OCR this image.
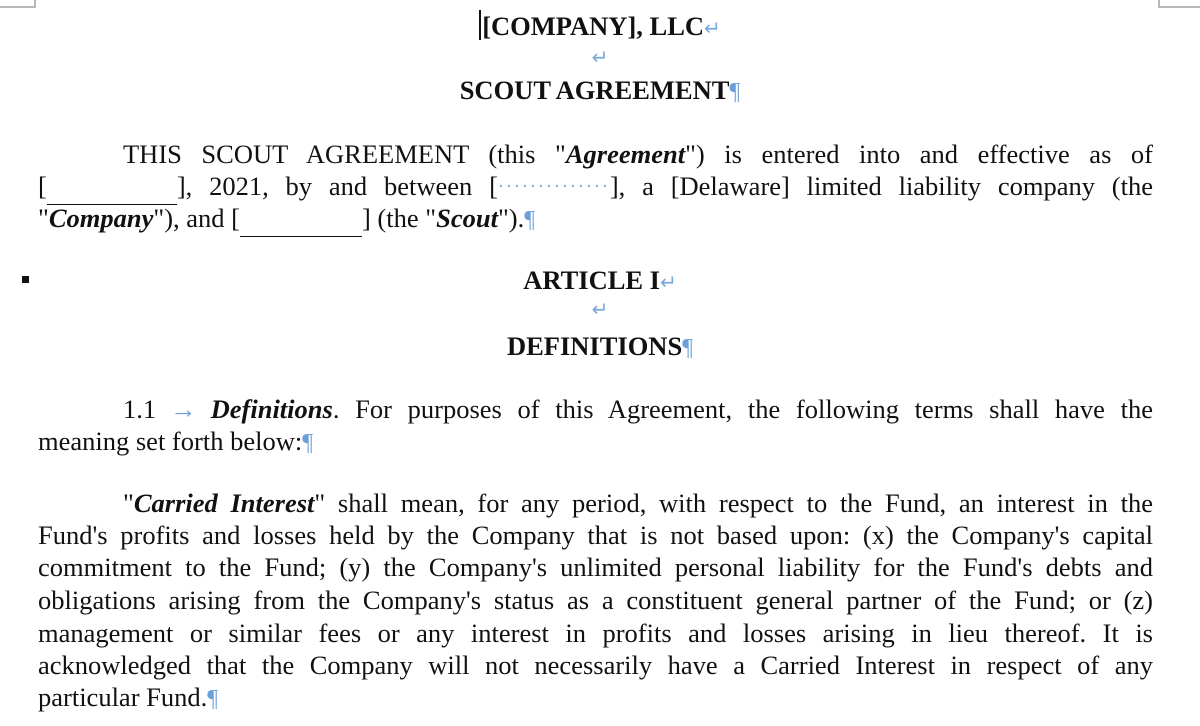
[COMPANY], LLC↵
↵
SCOUT AGREEMENT¶
THIS SCOUT AGREEMENT (this "Agreement") is entered into and effective as of
[	], 2021, by and between [··············], a [Delaware] limited liability company (the
"Company"), and [	] (the "Scout").¶
ARTICLE I↵
↵
DEFINITIONS¶
1.1 → Definitions. For purposes of this Agreement, the following terms shall have the
meaning set forth below:¶
"Carried Interest" shall mean, for any period, with respect to the Fund, an interest in the
Fund's profits and losses held by the Company that is not based upon: (x) the Company's capital
commitment to the Fund; (y) the Company's unlimited personal liability for the Fund's debts and
obligations arising from the Company's status as a constituent general partner of the Fund; or (z)
management or similar fees or any interest in profits and losses arising in lieu thereof. It is
acknowledged that the Company will not necessarily have a Carried Interest in respect of any
particular Fund.¶
